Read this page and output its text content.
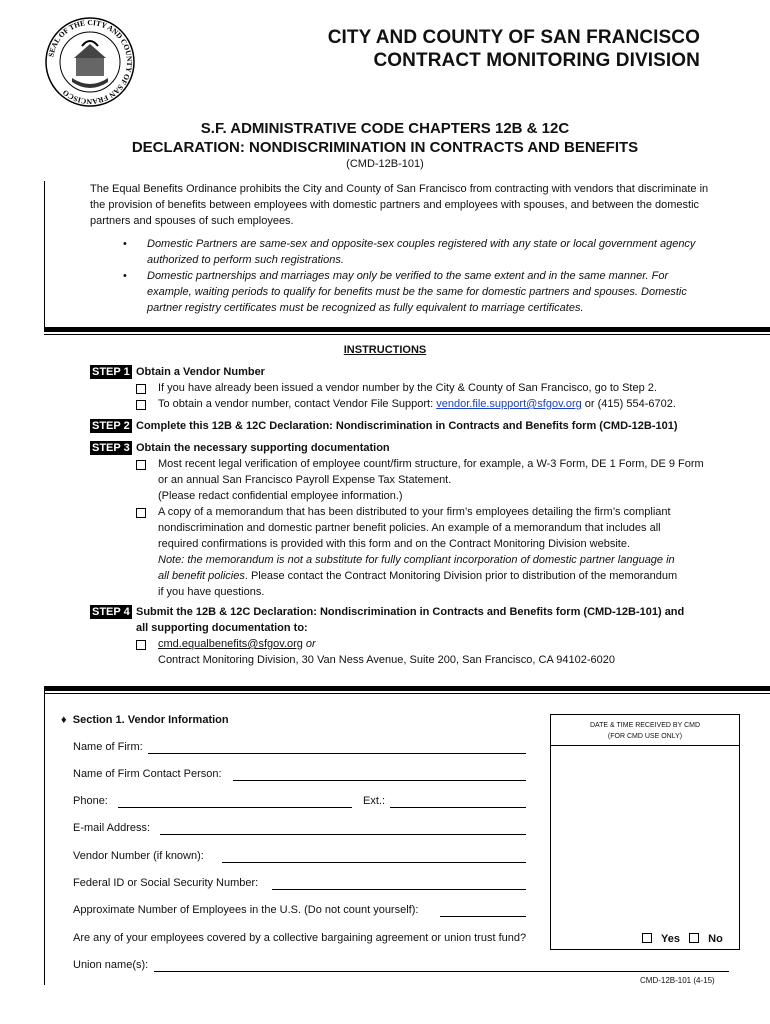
SEAL OF THE CITY AND COUNTY OF SAN FRANCISCO
CITY AND COUNTY OF SAN FRANCISCO
CONTRACT MONITORING DIVISION
S.F. ADMINISTRATIVE CODE CHAPTERS 12B & 12C
DECLARATION: NONDISCRIMINATION IN CONTRACTS AND BENEFITS
(CMD-12B-101)
The Equal Benefits Ordinance prohibits the City and County of San Francisco from contracting with vendors that discriminate in the provision of benefits between employees with domestic partners and employees with spouses, and between the domestic partners and spouses of such employees.
• Domestic Partners are same-sex and opposite-sex couples registered with any state or local government agency authorized to perform such registrations.
• Domestic partnerships and marriages may only be verified to the same extent and in the same manner. For example, waiting periods to qualify for benefits must be the same for domestic partners and spouses. Domestic partner registry certificates must be recognized as fully equivalent to marriage certificates.
INSTRUCTIONS
STEP 1 Obtain a Vendor Number
If you have already been issued a vendor number by the City & County of San Francisco, go to Step 2.
To obtain a vendor number, contact Vendor File Support: vendor.file.support@sfgov.org or (415) 554-6702.
STEP 2 Complete this 12B & 12C Declaration: Nondiscrimination in Contracts and Benefits form (CMD-12B-101)
STEP 3 Obtain the necessary supporting documentation
Most recent legal verification of employee count/firm structure, for example, a W-3 Form, DE 1 Form, DE 9 Form
or an annual San Francisco Payroll Expense Tax Statement.
(Please redact confidential employee information.)
A copy of a memorandum that has been distributed to your firm’s employees detailing the firm’s compliant
nondiscrimination and domestic partner benefit policies. An example of a memorandum that includes all
required confirmations is provided with this form and on the Contract Monitoring Division website.
Note: the memorandum is not a substitute for fully compliant incorporation of domestic partner language in
all benefit policies. Please contact the Contract Monitoring Division prior to distribution of the memorandum
if you have questions.
STEP 4 Submit the 12B & 12C Declaration: Nondiscrimination in Contracts and Benefits form (CMD-12B-101) and
all supporting documentation to:
cmd.equalbenefits@sfgov.org or
Contract Monitoring Division, 30 Van Ness Avenue, Suite 200, San Francisco, CA 94102-6020
♦ Section 1. Vendor Information	DATE & TIME RECEIVED BY CMD
(FOR CMD USE ONLY)
Name of Firm:
Name of Firm Contact Person:
Phone:	Ext.:
E-mail Address:
Vendor Number (if known):
Federal ID or Social Security Number:
Approximate Number of Employees in the U.S. (Do not count yourself):
Are any of your employees covered by a collective bargaining agreement or union trust fund?	Yes	No
Union name(s):
CMD-12B-101 (4-15)
